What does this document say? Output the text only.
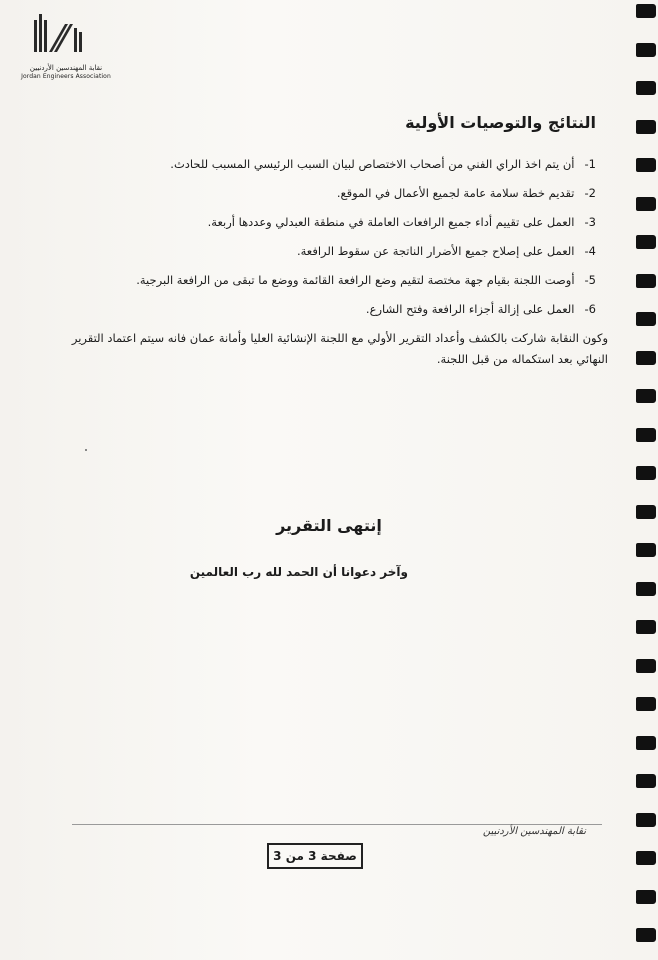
نقابة المهندسين الأردنيين
Jordan Engineers Association
النتائج والتوصيات الأولية
1-
أن يتم اخذ الراي الفني من أصحاب الاختصاص لبيان السبب الرئيسي المسبب للحادث.
2-
تقديم خطة سلامة عامة لجميع الأعمال في الموقع.
3-
العمل على تقييم أداء جميع الرافعات العاملة في منطقة العبدلي وعددها أربعة.
4-
العمل على إصلاح جميع الأضرار الناتجة عن سقوط الرافعة.
5-
أوصت اللجنة بقيام جهة مختصة لتقيم وضع الرافعة القائمة ووضع ما تبقى من الرافعة البرجية.
6-
العمل على إزالة أجزاء الرافعة وفتح الشارع.
وكون النقابة شاركت بالكشف وأعداد التقرير الأولي مع اللجنة الإنشائية العليا وأمانة عمان فانه سيتم اعتماد التقرير النهائي بعد استكماله من قبل اللجنة.
إنتهى التقرير
وآخر دعوانا أن الحمد لله رب العالمين
نقابة المهندسين الأردنيين
صفحة 3 من 3
